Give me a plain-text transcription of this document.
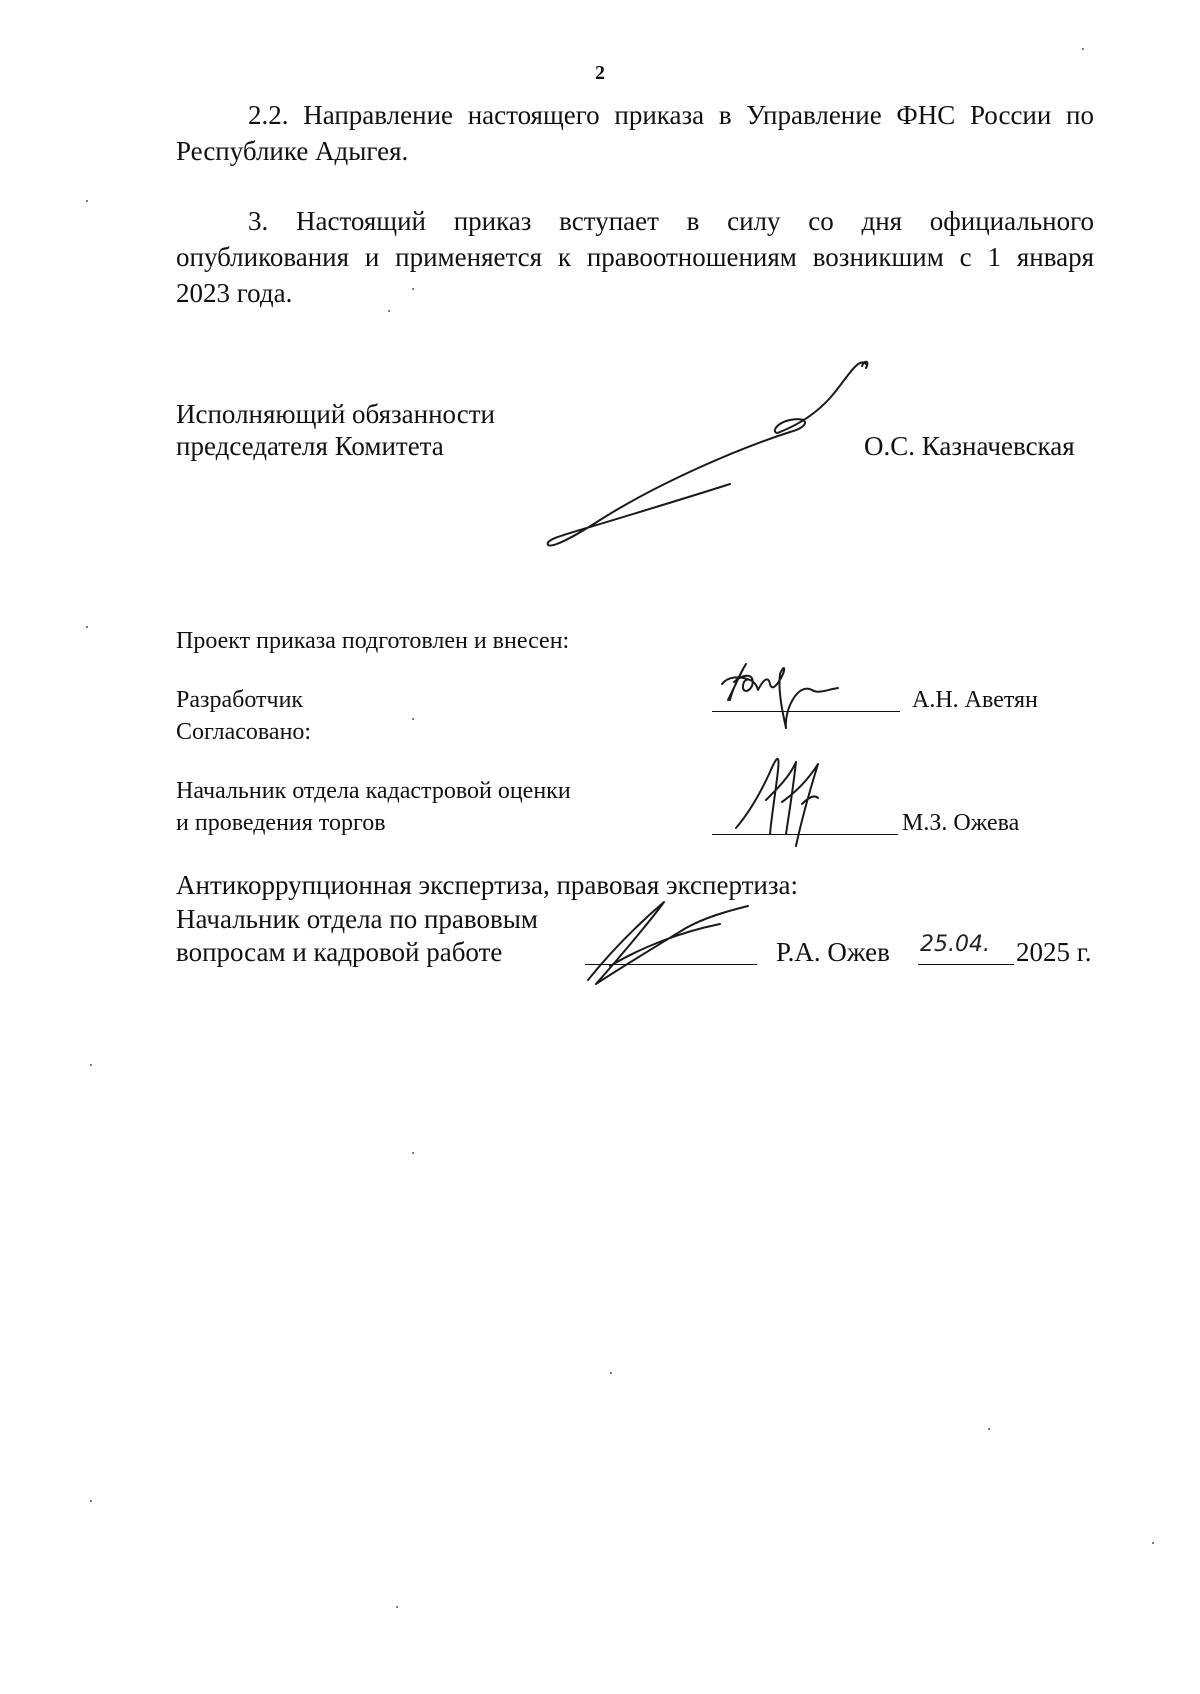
2
2.2. Направление настоящего приказа в Управление ФНС России по
Республике Адыгея.
3. Настоящий приказ вступает в силу со дня официального
опубликования и применяется к правоотношениям возникшим с 1 января
2023 года.
Исполняющий обязанности
председателя Комитета	О.С. Казначевская
Проект приказа подготовлен и внесен:
Разработчик	А.Н. Аветян
Согласовано:
Начальник отдела кадастровой оценки
и проведения торгов	М.З. Ожева
Антикоррупционная экспертиза, правовая экспертиза:
Начальник отдела по правовым
вопросам и кадровой работе	Р.А. Ожев 25.04. 2025 г.
